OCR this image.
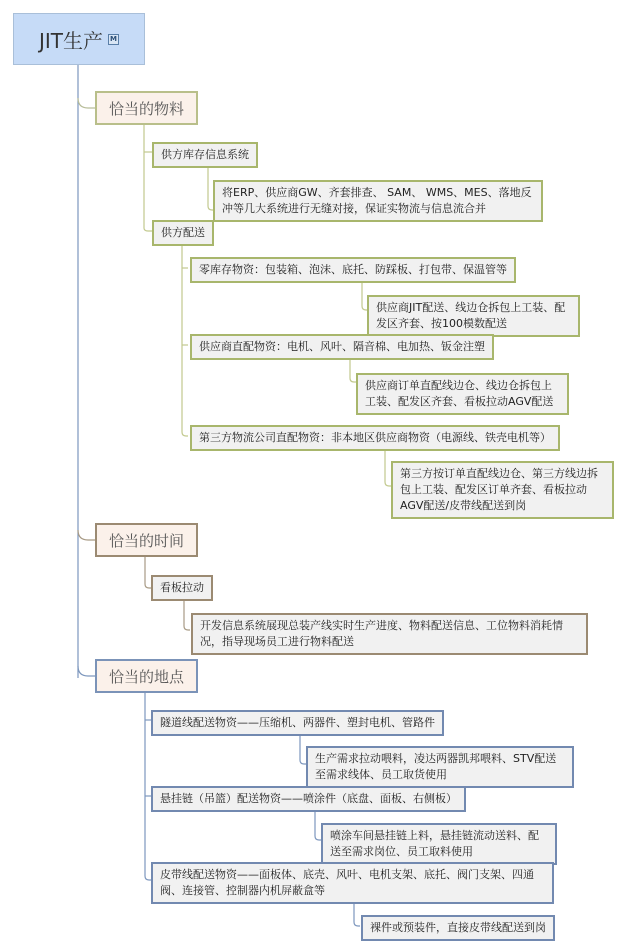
JIT生产 M
恰当的物料
供方库存信息系统
将ERP、供应商GW、齐套排查、 SAM、 WMS、MES、落地反冲等几大系统进行无缝对接，保证实物流与信息流合并
供方配送
零库存物资：包装箱、泡沫、底托、防踩板、打包带、保温管等
供应商JIT配送、线边仓拆包上工装、配发区齐套、按100模数配送
供应商直配物资：电机、风叶、隔音棉、电加热、钣金注塑
供应商订单直配线边仓、线边仓拆包上工装、配发区齐套、看板拉动AGV配送
第三方物流公司直配物资：非本地区供应商物资（电源线、铁壳电机等）
第三方按订单直配线边仓、第三方线边拆包上工装、配发区订单齐套、看板拉动AGV配送/皮带线配送到岗
恰当的时间
看板拉动
开发信息系统展现总装产线实时生产进度、物料配送信息、工位物料消耗情况，指导现场员工进行物料配送
恰当的地点
隧道线配送物资——压缩机、两器件、塑封电机、管路件
生产需求拉动喂料，凌达两器凯邦喂料、STV配送至需求线体、员工取货使用
悬挂链（吊篮）配送物资——喷涂件（底盘、面板、右侧板）
喷涂车间悬挂链上料，悬挂链流动送料、配送至需求岗位、员工取料使用
皮带线配送物资——面板体、底壳、风叶、电机支架、底托、阀门支架、四通阀、连接管、控制器内机屏蔽盒等
裸件或预装件，直接皮带线配送到岗
